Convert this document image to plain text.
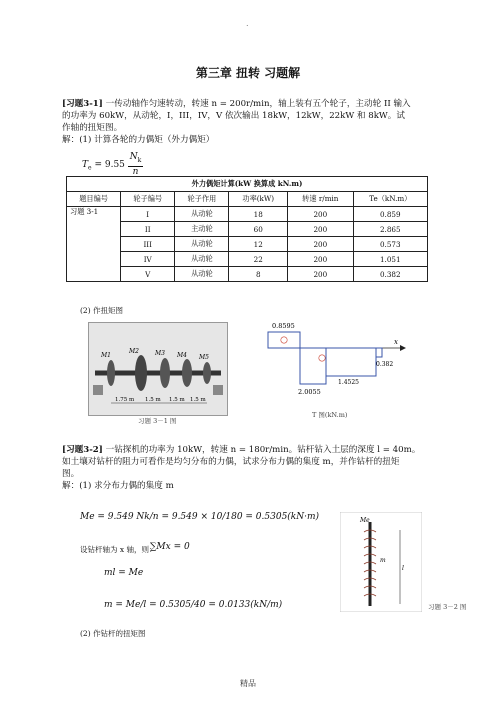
.
第三章 扭转 习题解
[习题3-1] 一传动轴作匀速转动，转速 n = 200r/min，轴上装有五个轮子，主动轮 II 输入
的功率为 60kW，从动轮，I，III，IV，V 依次输出 18kW，12kW，22kW 和 8kW。试
作轴的扭矩图。
解：(1) 计算各轮的力偶矩（外力偶矩）
$T_e = 9.55 \frac{N_k}{n}$
外力偶矩计算(kW 换算成 kN.m)					
题目编号	轮子编号	轮子作用	功率(kW)	转速 r/min	Te（kN.m）
习题 3-1	I	从动轮	18	200	0.859
	II	主动轮	60	200	2.865
	III	从动轮	12	200	0.573
	IV	从动轮	22	200	1.051
	V	从动轮	8	200	0.382
(2) 作扭矩图
M1
M2	M3 M4 M5
1.75 m 1.5 m 1.5 m 1.5 m
习题 3－1 图
x
0.8595
1.4525
2.0055
0.382
T 图(kN.m)
[习题3-2] 一钻探机的功率为 10kW，转速 n = 180r/min。钻杆钻入土层的深度 l = 40m。
如土壤对钻杆的阻力可看作是均匀分布的力偶，试求分布力偶的集度 m，并作钻杆的扭矩
图。
解：(1) 求分布力偶的集度 m
Me = 9.549 Nk/n = 9.549 × 10/180 = 0.5305(kN·m)
设钻杆轴为 x 轴，则：
∑Mx = 0
ml = Me
m = Me/l = 0.5305/40 = 0.0133(kN/m)
(2) 作钻杆的扭矩图
Me
m
l
习题 3－2 图
精品
